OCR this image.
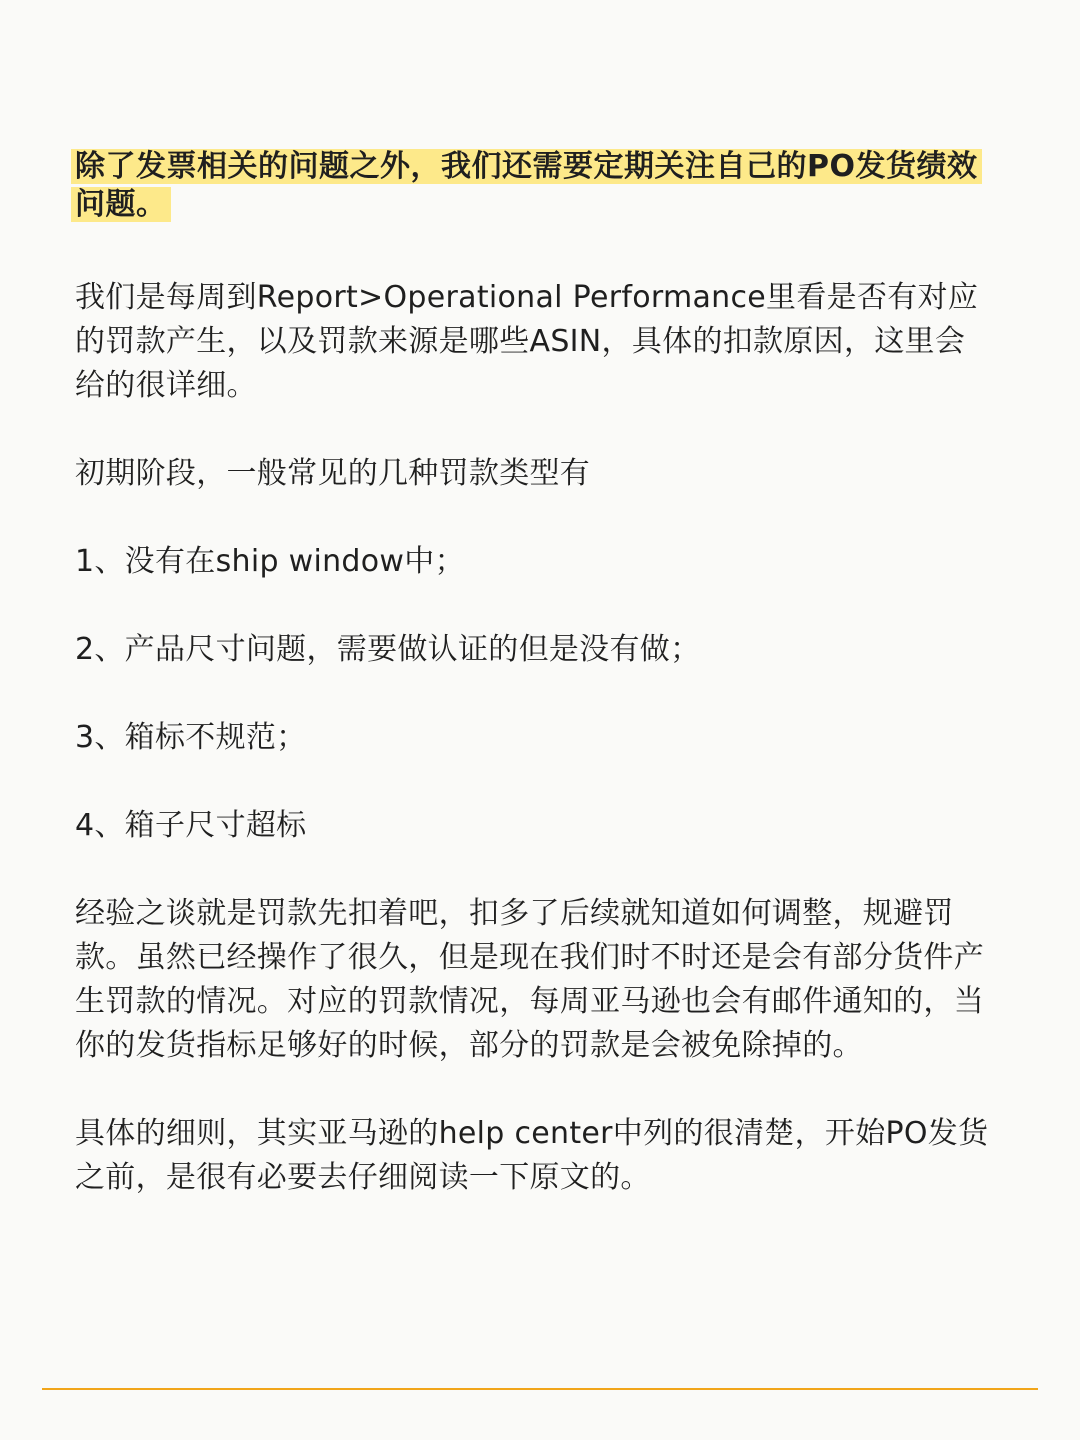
除了发票相关的问题之外，我们还需要定期关注自己的PO发货绩效问题。

我们是每周到Report>Operational Performance里看是否有对应的罚款产生，以及罚款来源是哪些ASIN，具体的扣款原因，这里会给的很详细。

初期阶段，一般常见的几种罚款类型有

1、没有在ship window中；

2、产品尺寸问题，需要做认证的但是没有做；

3、箱标不规范；

4、箱子尺寸超标

经验之谈就是罚款先扣着吧，扣多了后续就知道如何调整，规避罚款。虽然已经操作了很久，但是现在我们时不时还是会有部分货件产生罚款的情况。对应的罚款情况，每周亚马逊也会有邮件通知的，当你的发货指标足够好的时候，部分的罚款是会被免除掉的。

具体的细则，其实亚马逊的help center中列的很清楚，开始PO发货之前，是很有必要去仔细阅读一下原文的。
